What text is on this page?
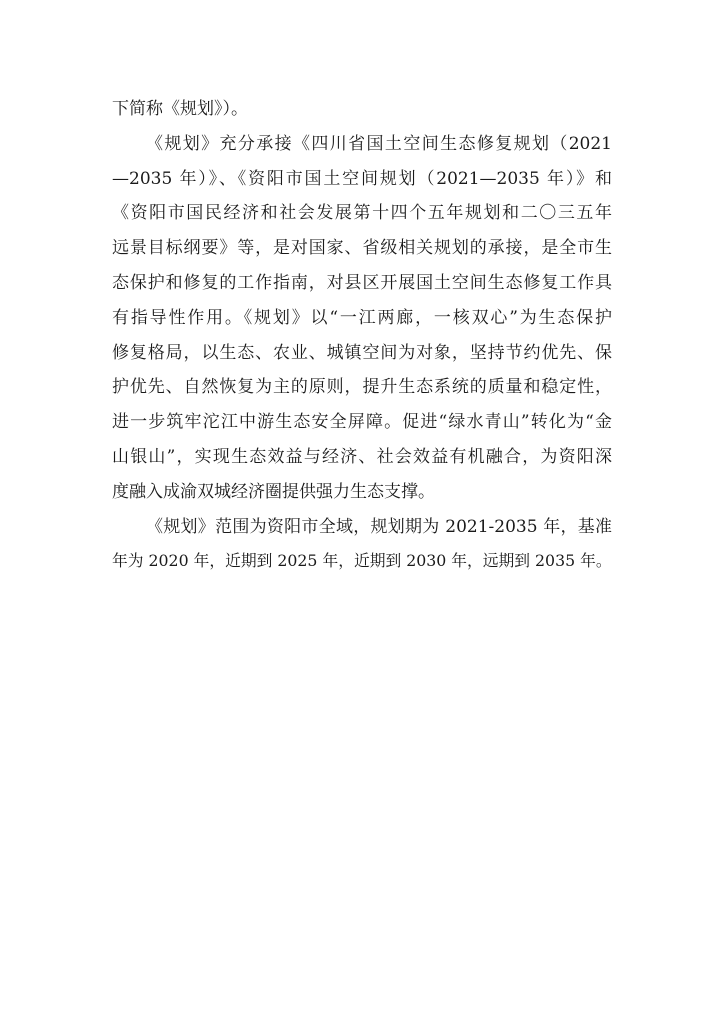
下简称《规划》）。
《规划》充分承接《四川省国土空间生态修复规划（2021
—2035 年）》、《资阳市国土空间规划（2021—2035 年）》和
《资阳市国民经济和社会发展第十四个五年规划和二〇三五年
远景目标纲要》等，是对国家、省级相关规划的承接，是全市生
态保护和修复的工作指南，对县区开展国土空间生态修复工作具
有指导性作用。《规划》以“一江两廊，一核双心”为生态保护
修复格局，以生态、农业、城镇空间为对象，坚持节约优先、保
护优先、自然恢复为主的原则，提升生态系统的质量和稳定性，
进一步筑牢沱江中游生态安全屏障。促进“绿水青山”转化为“金
山银山”，实现生态效益与经济、社会效益有机融合，为资阳深
度融入成渝双城经济圈提供强力生态支撑。
《规划》范围为资阳市全域，规划期为 2021-2035 年，基准
年为 2020 年，近期到 2025 年，近期到 2030 年，远期到 2035 年。
